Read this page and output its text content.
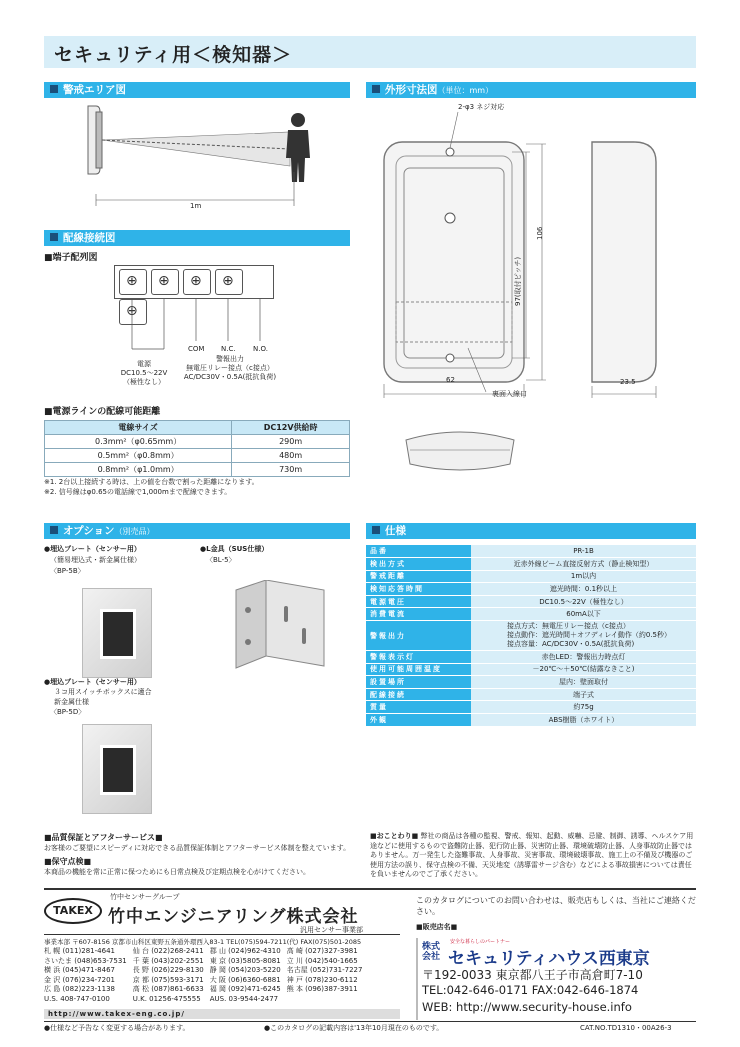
セキュリティ用＜検知器＞
警戒エリア図
1m
外形寸法図（単位：mm）
2-φ3 ネジ対応
106
97(取付ピッチ)
62	23.5
裏面入線口
配線接続図
■端子配列図
⊕⊕⊕⊕⊕
COM N.C. N.O.
電源
DC10.5～22V
（極性なし）
警報出力
無電圧リレー接点（c接点）
AC/DC30V・0.5A(抵抗負荷)
■電源ラインの配線可能距離
電線サイズ	DC12V供給時
0.3mm²（φ0.65mm）	290m
0.5mm²（φ0.8mm）	480m
0.8mm²（φ1.0mm）	730m
※1. 2台以上接続する時は、上の値を台数で割った距離になります。
※2. 信号線はφ0.65の電話線で1,000mまで配線できます。
オプション（別売品）
●埋込プレート（センサー用）
（簡易埋込式・新金属仕様）
〈BP-5B〉
●L金具（SUS仕様）
〈BL-5〉
●埋込プレート（センサー用）
３コ用スイッチボックスに適合
新金属仕様
〈BP-5D〉
仕様
品番	PR-1B
検出方式	近赤外線ビーム直接反射方式（静止検知型）
警戒距離	1m以内
検知応答時間	遮光時間：0.1秒以上
電源電圧	DC10.5～22V（極性なし）
消費電流	60mA以下
警報出力	接点方式：無電圧リレー接点（c接点）
接点動作：遮光時間＋オフディレイ動作（約0.5秒）
接点容量：AC/DC30V・0.5A(抵抗負荷)
警報表示灯	赤色LED：警報出力時点灯
使用可能周囲温度	－20℃～＋50℃(結露なきこと)
設置場所	屋内：壁面取付
配線接続	端子式
質量	約75g
外観	ABS樹脂（ホワイト）
■品質保証とアフターサービス■
お客様のご要望にスピーディに対応できる品質保証体制とアフターサービス体制を整えています。
■保守点検■
本商品の機能を常に正常に保つためにも日常点検及び定期点検を心がけてください。
■おことわり■ 弊社の商品は各種の監視、警戒、報知、起動、威嚇、忌避、制御、誘導、ヘルスケア用途などに使用するもので盗難防止器、犯行防止器、災害防止器、環境破壊防止器、人身事故防止器ではありません。万一発生した盗難事故、人身事故、災害事故、環境破壊事故、施工上の不備及び機器のご使用方法の誤り、保守点検の不備、天災地変（誘導雷サージ含む）などによる事故損害については責任を負いませんのでご了承ください。
竹中センサーグループ
TAKEX 竹中エンジニアリング株式会社
汎用センサー事業部
事業本部 〒607-8156 京都市山科区東野五条通外環西入83-1 TEL(075)594-7211(代) FAX(075)501-2085
札 幌 (011)281-4641	仙 台 (022)268-2411	郡 山 (024)962-4310	高 崎 (027)327-3981
さいたま (048)653-7531	千 葉 (043)202-2551	東 京 (03)5805-8081	立 川 (042)540-1665
横 浜 (045)471-8467	長 野 (026)229-8130	静 岡 (054)203-5220	名古屋 (052)731-7227
金 沢 (076)234-7201	京 都 (075)593-3171	大 阪 (06)6360-6881	神 戸 (078)230-6112
広 島 (082)223-1138	高 松 (087)861-6633	福 岡 (092)471-6245	熊 本 (096)387-3911
U.S. 408-747-0100	U.K. 01256-475555	AUS. 03-9544-2477	
http://www.takex-eng.co.jp/
このカタログについてのお問い合わせは、販売店もしくは、当社にご連絡ください。
■販売店名■
株式会社
安全な暮らしのパートナー
セキュリティハウス西東京
〒192-0033 東京都八王子市高倉町7-10
TEL:042-646-0171 FAX:042-646-1874
WEB: http://www.security-house.info
●仕様など予告なく変更する場合があります。	●このカタログの記載内容は'13年10月現在のものです。	CAT.NO.TD1310・00A26-3
